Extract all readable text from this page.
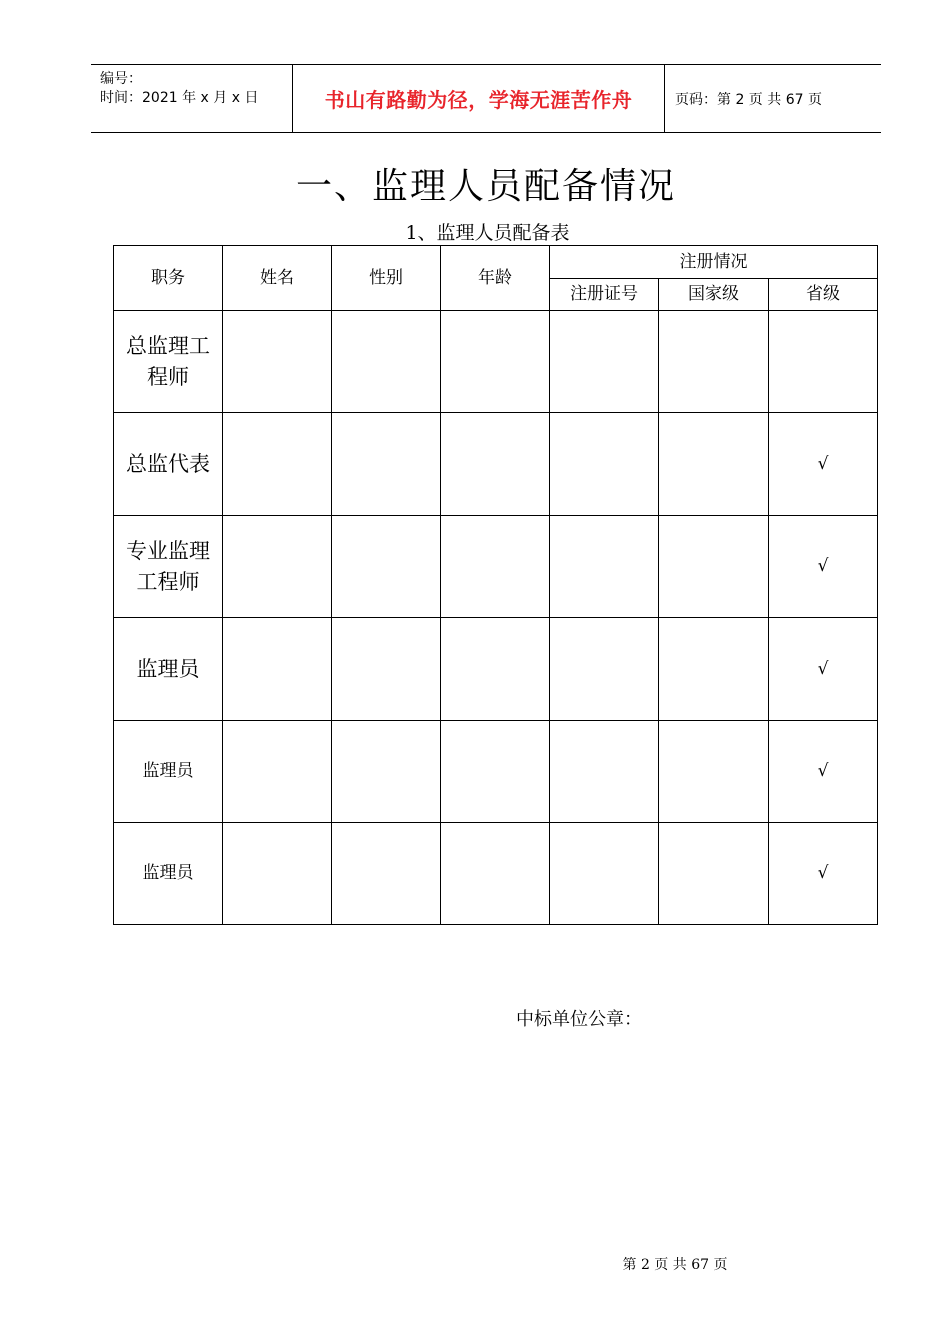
编号：
时间：2021 年 x 月 x 日	书山有路勤为径，学海无涯苦作舟	页码：第 2 页 共 67 页
一、监理人员配备情况
1、监理人员配备表
职务	姓名	性别	年龄	注册情况		
				注册证号	国家级	省级
总监理工程师						
总监代表						√
专业监理工程师						√
监理员						√
监理员						√
监理员						√
中标单位公章：
第 2 页 共 67 页
